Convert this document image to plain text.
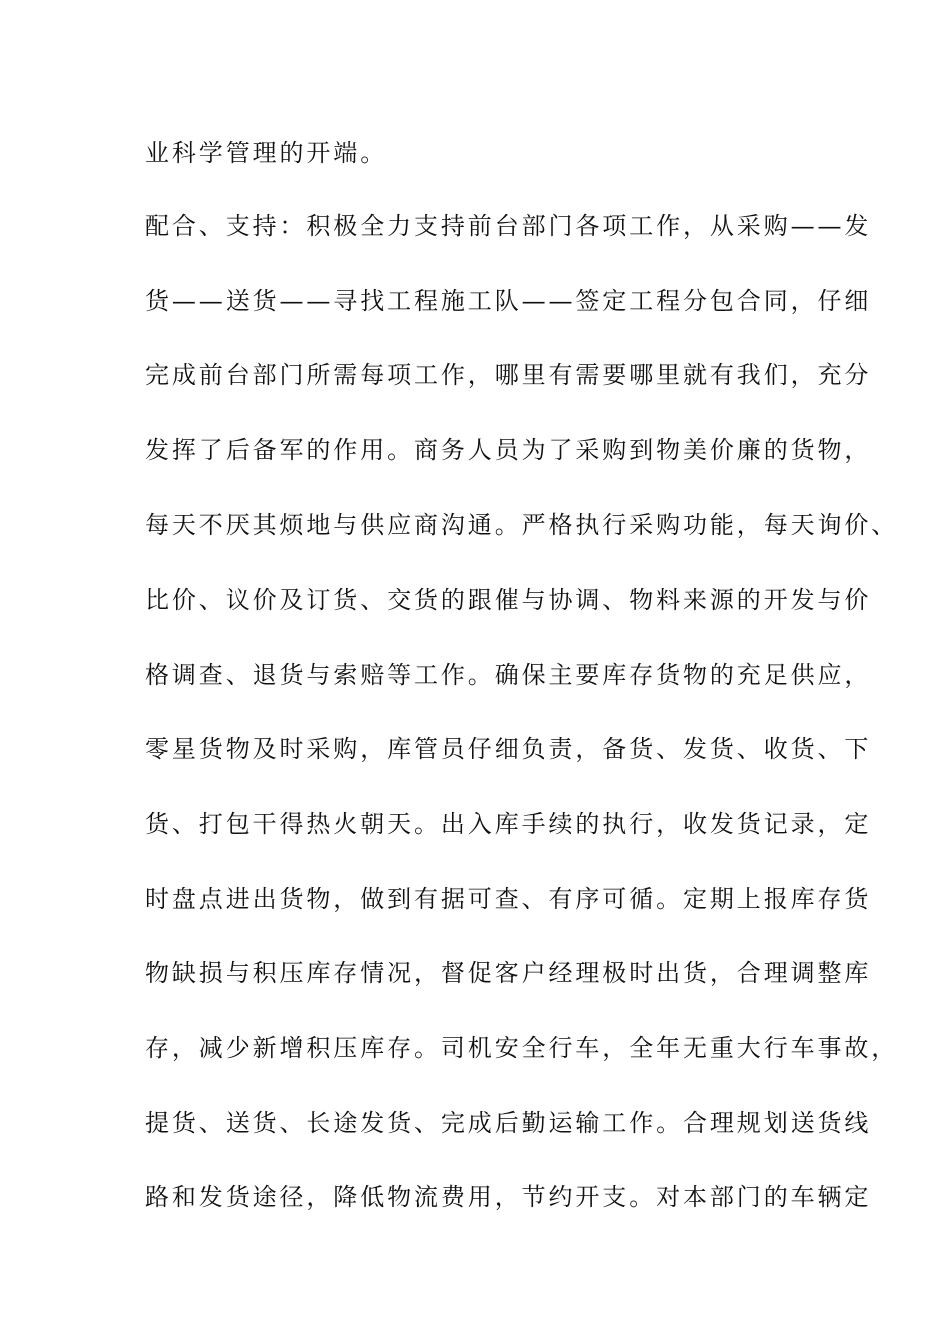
业科学管理的开端。
配合、支持：积极全力支持前台部门各项工作，从采购——发
货——送货——寻找工程施工队——签定工程分包合同，仔细
完成前台部门所需每项工作，哪里有需要哪里就有我们，充分
发挥了后备军的作用。商务人员为了采购到物美价廉的货物，
每天不厌其烦地与供应商沟通。严格执行采购功能，每天询价、
比价、议价及订货、交货的跟催与协调、物料来源的开发与价
格调查、退货与索赔等工作。确保主要库存货物的充足供应，
零星货物及时采购，库管员仔细负责，备货、发货、收货、下
货、打包干得热火朝天。出入库手续的执行，收发货记录，定
时盘点进出货物，做到有据可查、有序可循。定期上报库存货
物缺损与积压库存情况，督促客户经理极时出货，合理调整库
存，减少新增积压库存。司机安全行车，全年无重大行车事故，
提货、送货、长途发货、完成后勤运输工作。合理规划送货线
路和发货途径，降低物流费用，节约开支。对本部门的车辆定
